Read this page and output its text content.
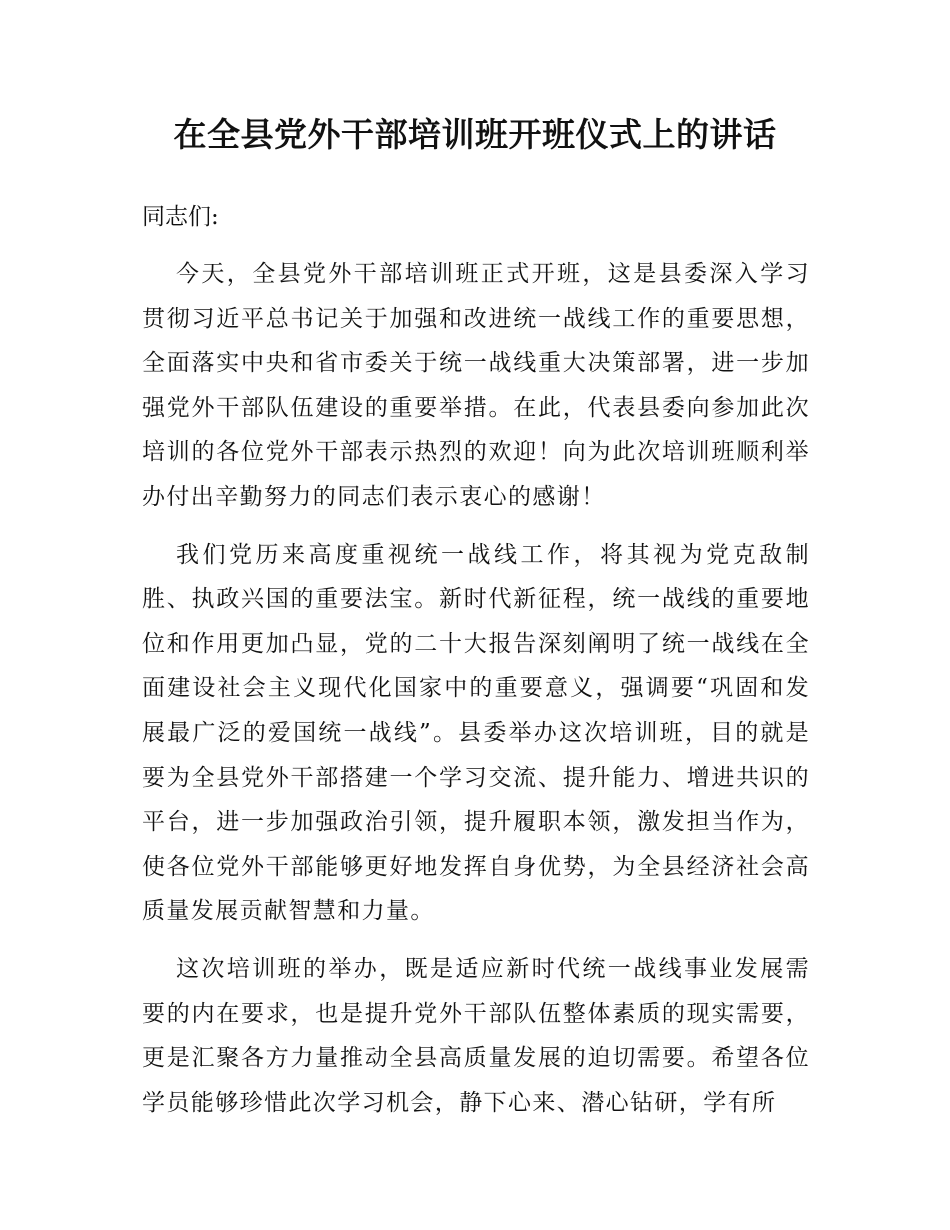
在全县党外干部培训班开班仪式上的讲话

同志们:

今天，全县党外干部培训班正式开班，这是县委深入学习贯彻习近平总书记关于加强和改进统一战线工作的重要思想，全面落实中央和省市委关于统一战线重大决策部署，进一步加强党外干部队伍建设的重要举措。在此，代表县委向参加此次培训的各位党外干部表示热烈的欢迎！向为此次培训班顺利举办付出辛勤努力的同志们表示衷心的感谢！

我们党历来高度重视统一战线工作，将其视为党克敌制胜、执政兴国的重要法宝。新时代新征程，统一战线的重要地位和作用更加凸显，党的二十大报告深刻阐明了统一战线在全面建设社会主义现代化国家中的重要意义，强调要“巩固和发展最广泛的爱国统一战线”。县委举办这次培训班，目的就是要为全县党外干部搭建一个学习交流、提升能力、增进共识的平台，进一步加强政治引领，提升履职本领，激发担当作为，使各位党外干部能够更好地发挥自身优势，为全县经济社会高质量发展贡献智慧和力量。

这次培训班的举办，既是适应新时代统一战线事业发展需要的内在要求，也是提升党外干部队伍整体素质的现实需要，更是汇聚各方力量推动全县高质量发展的迫切需要。希望各位学员能够珍惜此次学习机会，静下心来、潜心钻研，学有所
